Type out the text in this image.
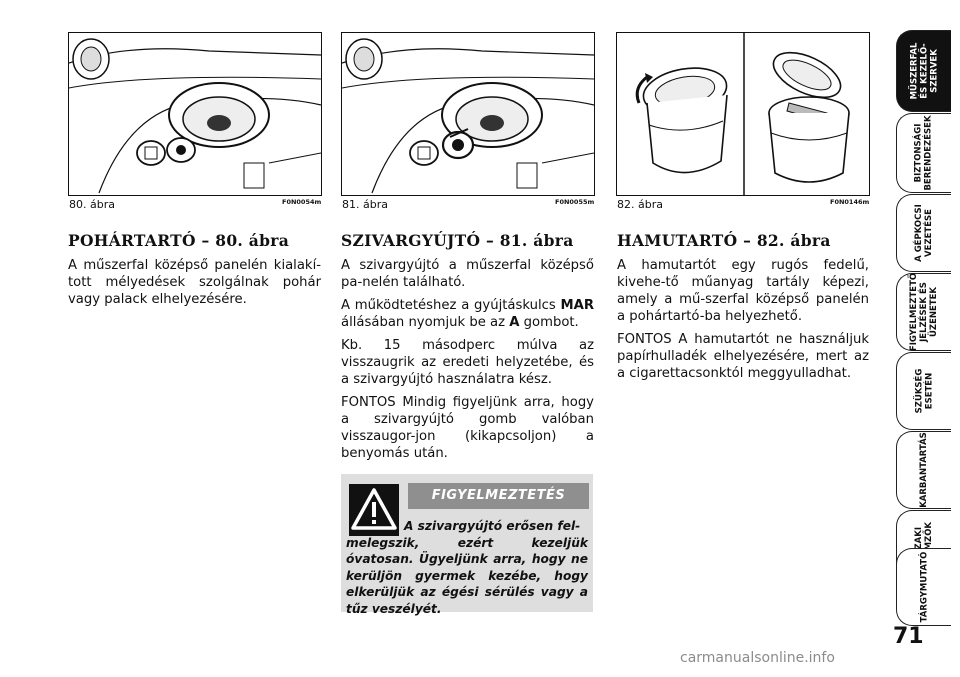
80. ábra	F0N0054m 81. ábra	F0N0055m 82. ábra	F0N0146m
POHÁRTARTÓ – 80. ábra

A műszerfal középső panelén kialakí-tott mélyedések szolgálnak pohár vagy palack elhelyezésére.

SZIVARGYÚJTÓ – 81. ábra

A szivargyújtó a műszerfal középső pa-nelén található.

A működtetéshez a gyújtáskulcs MAR állásában nyomjuk be az A gombot.

Kb. 15 másodperc múlva az visszaugrik az eredeti helyzetébe, és a szivargyújtó használatra kész.

FONTOS Mindig figyeljünk arra, hogy a szivargyújtó gomb valóban visszaugor-jon (kikapcsoljon) a benyomás után.

FIGYELMEZTETÉS
A szivargyújtó erősen fel-
melegszik, ezért kezeljük óvatosan. Ügyeljünk arra, hogy ne kerüljön gyermek kezébe, hogy elkerüljük az égési sérülés vagy a tűz veszélyét.
HAMUTARTÓ – 82. ábra

A hamutartót egy rugós fedelű, kivehe-tő műanyag tartály képezi, amely a mű-szerfal középső panelén a pohártartó-ba helyezhető.

FONTOS A hamutartót ne használjuk papírhulladék elhelyezésére, mert az a cigarettacsonktól meggyulladhat.

MŰSZERFAL ÉS KEZELŐ- SZERVEK
BIZTONSÁGI BERENDEZÉSEK
A GÉPKOCSI VEZETÉSE
FIGYELMEZTETŐ JELZÉSEK ÉS ÜZENETEK
SZÜKSÉG ESETÉN
KARBANTARTÁS
TÁRGYMUTATÓ
71
carmanualsonline.info
